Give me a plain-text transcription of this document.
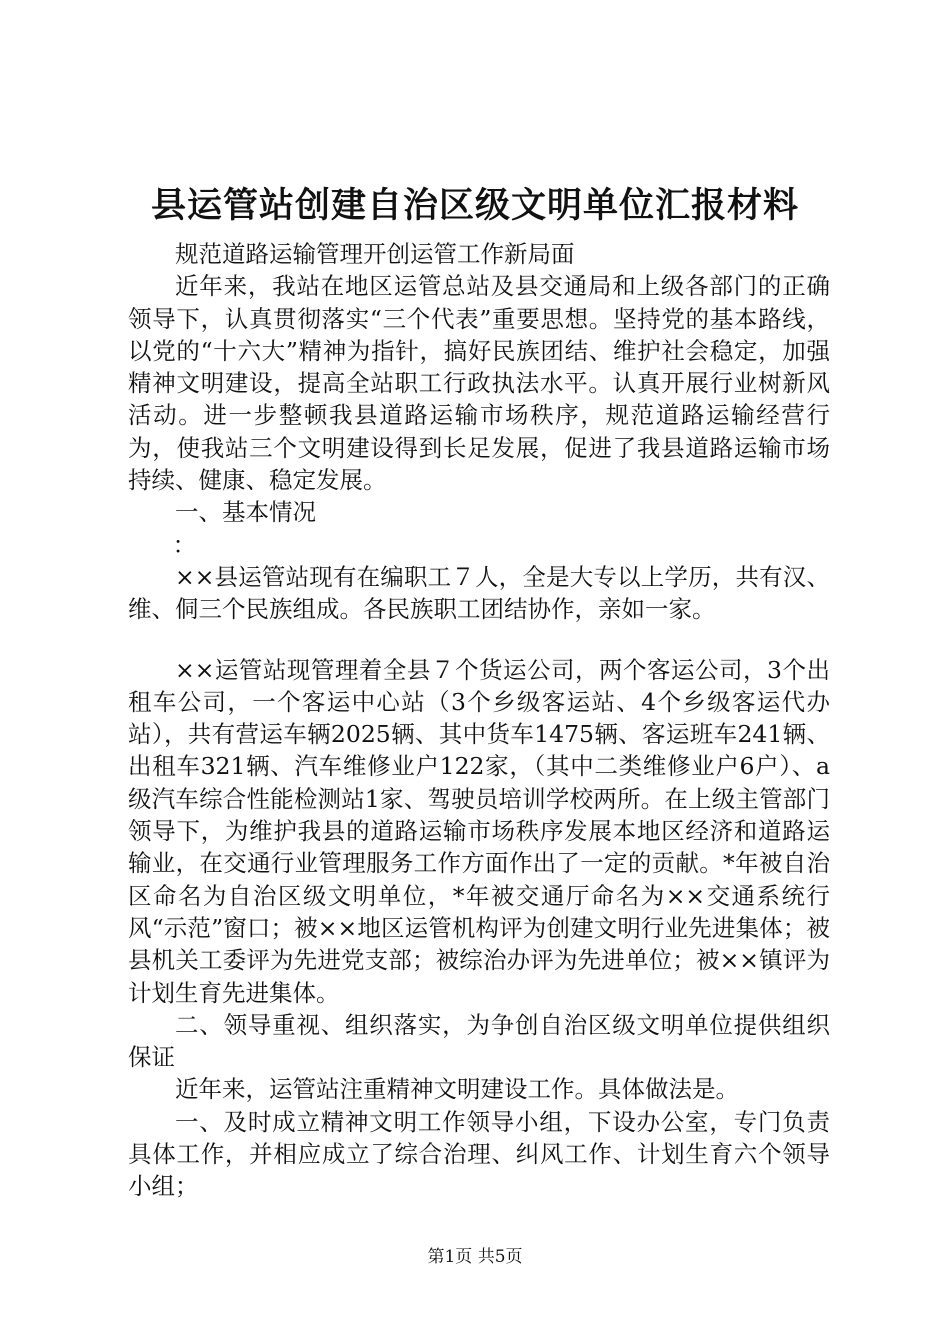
县运管站创建自治区级文明单位汇报材料

规范道路运输管理开创运管工作新局面

近年来，我站在地区运管总站及县交通局和上级各部门的正确领导下，认真贯彻落实“三个代表”重要思想。坚持党的基本路线，以党的“十六大”精神为指针，搞好民族团结、维护社会稳定，加强精神文明建设，提高全站职工行政执法水平。认真开展行业树新风活动。进一步整顿我县道路运输市场秩序，规范道路运输经营行为，使我站三个文明建设得到长足发展，促进了我县道路运输市场持续、健康、稳定发展。

一、基本情况

：

××县运管站现有在编职工７人，全是大专以上学历，共有汉、维、侗三个民族组成。各民族职工团结协作，亲如一家。

××运管站现管理着全县７个货运公司，两个客运公司，3个出租车公司，一个客运中心站（3个乡级客运站、4个乡级客运代办站），共有营运车辆2025辆、其中货车1475辆、客运班车241辆、出租车321辆、汽车维修业户122家，（其中二类维修业户6户）、a级汽车综合性能检测站1家、驾驶员培训学校两所。在上级主管部门领导下，为维护我县的道路运输市场秩序发展本地区经济和道路运输业，在交通行业管理服务工作方面作出了一定的贡献。*年被自治区命名为自治区级文明单位，*年被交通厅命名为××交通系统行风“示范”窗口；被××地区运管机构评为创建文明行业先进集体；被县机关工委评为先进党支部；被综治办评为先进单位；被××镇评为计划生育先进集体。

二、领导重视、组织落实，为争创自治区级文明单位提供组织保证

近年来，运管站注重精神文明建设工作。具体做法是。

一、及时成立精神文明工作领导小组，下设办公室，专门负责具体工作，并相应成立了综合治理、纠风工作、计划生育六个领导小组；

第1页 共5页
